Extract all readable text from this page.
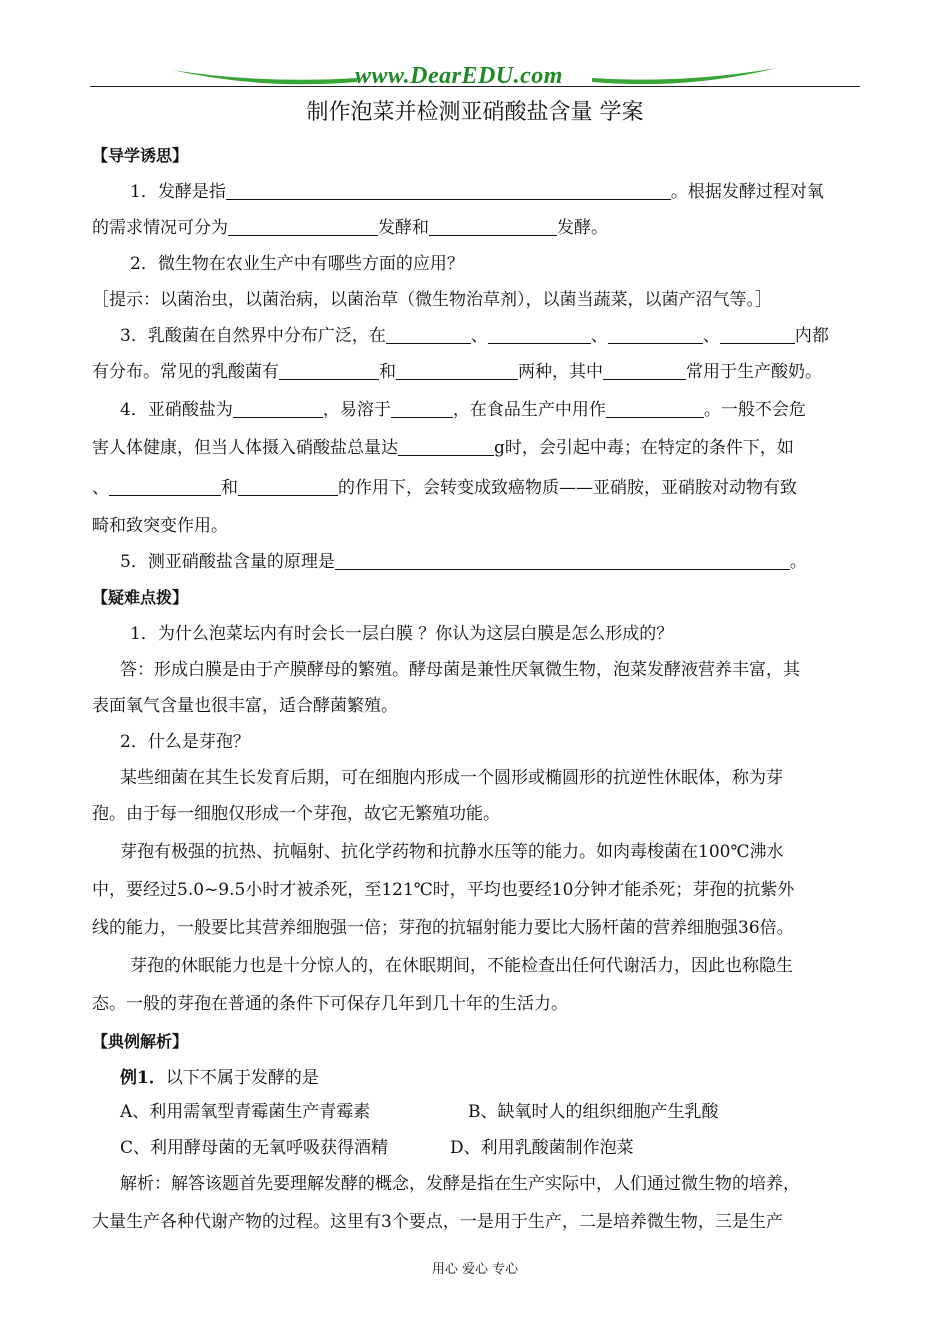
www.DearEDU.com
制作泡菜并检测亚硝酸盐含量 学案
【导学诱思】
1．发酵是指	。根据发酵过程对氧
的需求情况可分为	发酵和	发酵。
2．微生物在农业生产中有哪些方面的应用？
［提示：以菌治虫，以菌治病，以菌治草（微生物治草剂），以菌当蔬菜，以菌产沼气等。］
3．乳酸菌在自然界中分布广泛，在	、	、	、	内都
有分布。常见的乳酸菌有	和	两种，其中	常用于生产酸奶。
4．亚硝酸盐为	，易溶于	，在食品生产中用作	。一般不会危
害人体健康，但当人体摄入硝酸盐总量达	g时，会引起中毒；在特定的条件下，如
、	和	的作用下，会转变成致癌物质——亚硝胺，亚硝胺对动物有致
畸和致突变作用。
5．测亚硝酸盐含量的原理是	。
【疑难点拨】
1．为什么泡菜坛内有时会长一层白膜 ？你认为这层白膜是怎么形成的？
答：形成白膜是由于产膜酵母的繁殖。酵母菌是兼性厌氧微生物，泡菜发酵液营养丰富，其
表面氧气含量也很丰富，适合酵菌繁殖。
2．什么是芽孢？
某些细菌在其生长发育后期，可在细胞内形成一个圆形或椭圆形的抗逆性休眠体，称为芽
孢。由于每一细胞仅形成一个芽孢，故它无繁殖功能。
芽孢有极强的抗热、抗幅射、抗化学药物和抗静水压等的能力。如肉毒梭菌在100℃沸水
中，要经过5.0~9.5小时才被杀死，至121℃时，平均也要经10分钟才能杀死；芽孢的抗紫外
线的能力，一般要比其营养细胞强一倍；芽孢的抗辐射能力要比大肠杆菌的营养细胞强36倍。
芽孢的休眠能力也是十分惊人的，在休眠期间，不能检查出任何代谢活力，因此也称隐生
态。一般的芽孢在普通的条件下可保存几年到几十年的生活力。
【典例解析】
例1．以下不属于发酵的是
A、利用需氧型青霉菌生产青霉素	B、缺氧时人的组织细胞产生乳酸
C、利用酵母菌的无氧呼吸获得酒精	D、利用乳酸菌制作泡菜
解析：解答该题首先要理解发酵的概念，发酵是指在生产实际中，人们通过微生物的培养，
大量生产各种代谢产物的过程。这里有3个要点，一是用于生产，二是培养微生物，三是生产
用心 爱心 专心
